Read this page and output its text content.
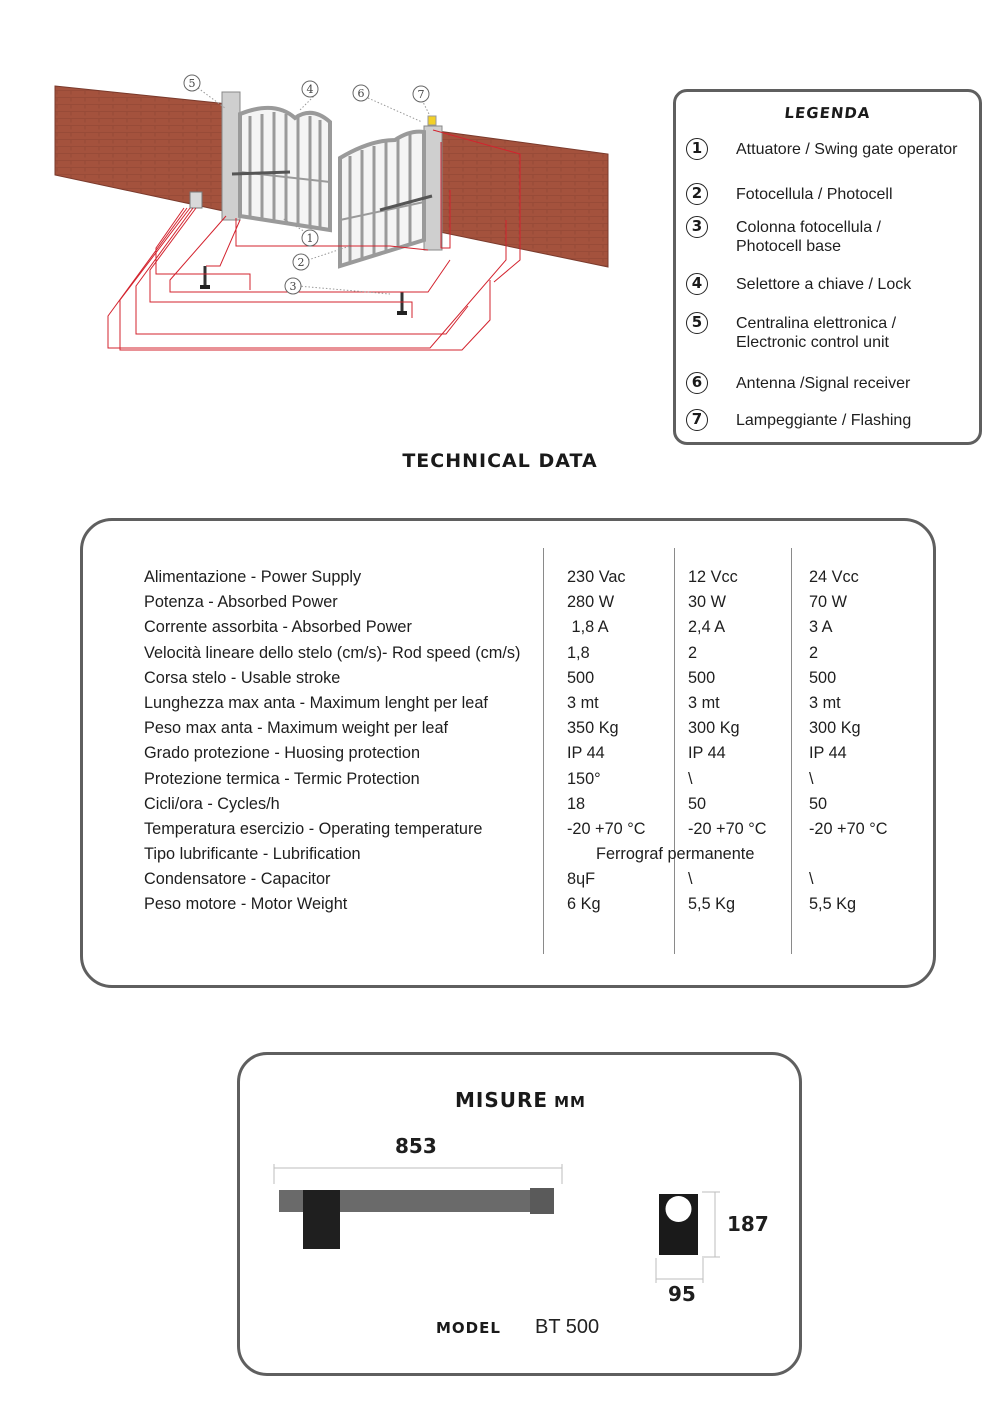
5	4	6	7
1
2
3
LEGENDA
1	Attuatore / Swing gate operator
2	Fotocellula / Photocell
3	Colonna fotocellula /
Photocell base
4	Selettore a chiave / Lock
5	Centralina elettronica /
Electronic control unit
6	Antenna /Signal receiver
7	Lampeggiante / Flashing
TECHNICAL DATA
Alimentazione - Power Supply	230 Vac	12 Vcc	24 Vcc
Potenza - Absorbed Power	280 W	30 W	70 W
Corrente assorbita - Absorbed Power	1,8 A	2,4 A	3 A
Velocità lineare dello stelo (cm/s)- Rod speed (cm/s)	1,8	2	2
Corsa stelo - Usable stroke	500	500	500
Lunghezza max anta - Maximum lenght per leaf	3 mt	3 mt	3 mt
Peso max anta - Maximum weight per leaf	350 Kg	300 Kg	300 Kg
Grado protezione - Huosing protection	IP 44	IP 44	IP 44
Protezione termica - Termic Protection	150°	\	\
Cicli/ora - Cycles/h	18	50	50
Temperatura esercizio - Operating temperature	-20 +70 °C	-20 +70 °C	-20 +70 °C
Tipo lubrificante - Lubrification	Ferrograf permanente
Condensatore - Capacitor	8ɥF	\	\
Peso motore - Motor Weight	6 Kg	5,5 Kg	5,5 Kg
MISURE MM
853
187
95
MODEL BT 500
